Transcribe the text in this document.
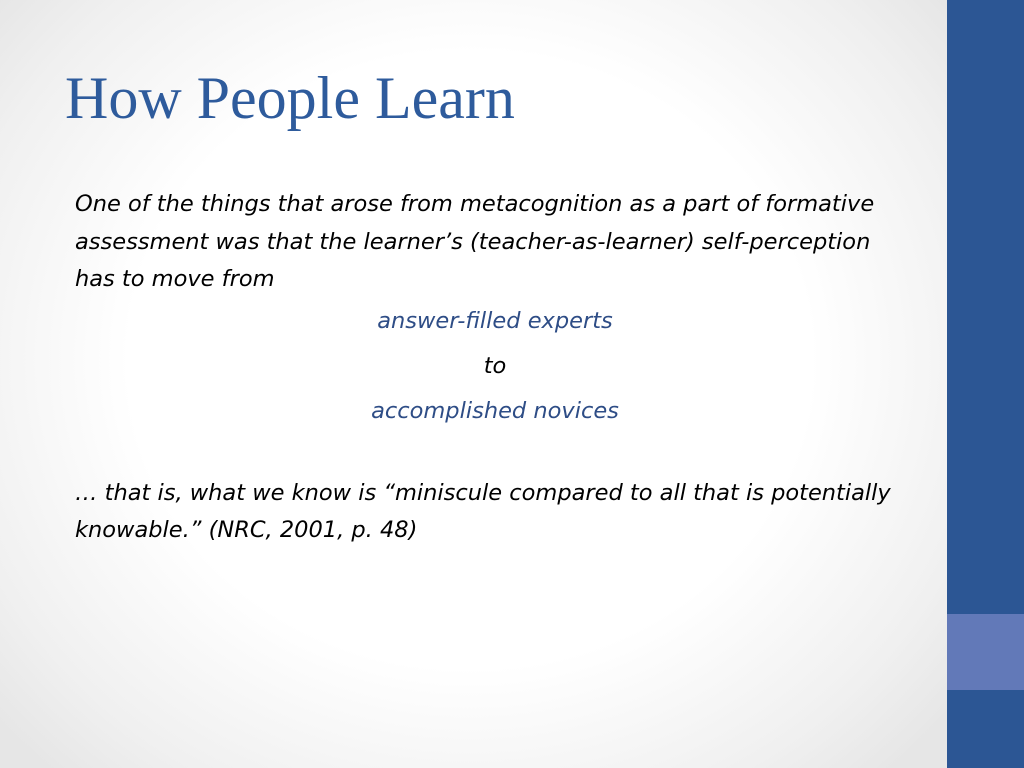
How People Learn

One of the things that arose from metacognition as a part of formative assessment was that the learner’s (teacher-as-learner) self-perception has to move from

answer-filled experts

to

accomplished novices

… that is, what we know is “miniscule compared to all that is potentially knowable.” (NRC, 2001, p. 48)
